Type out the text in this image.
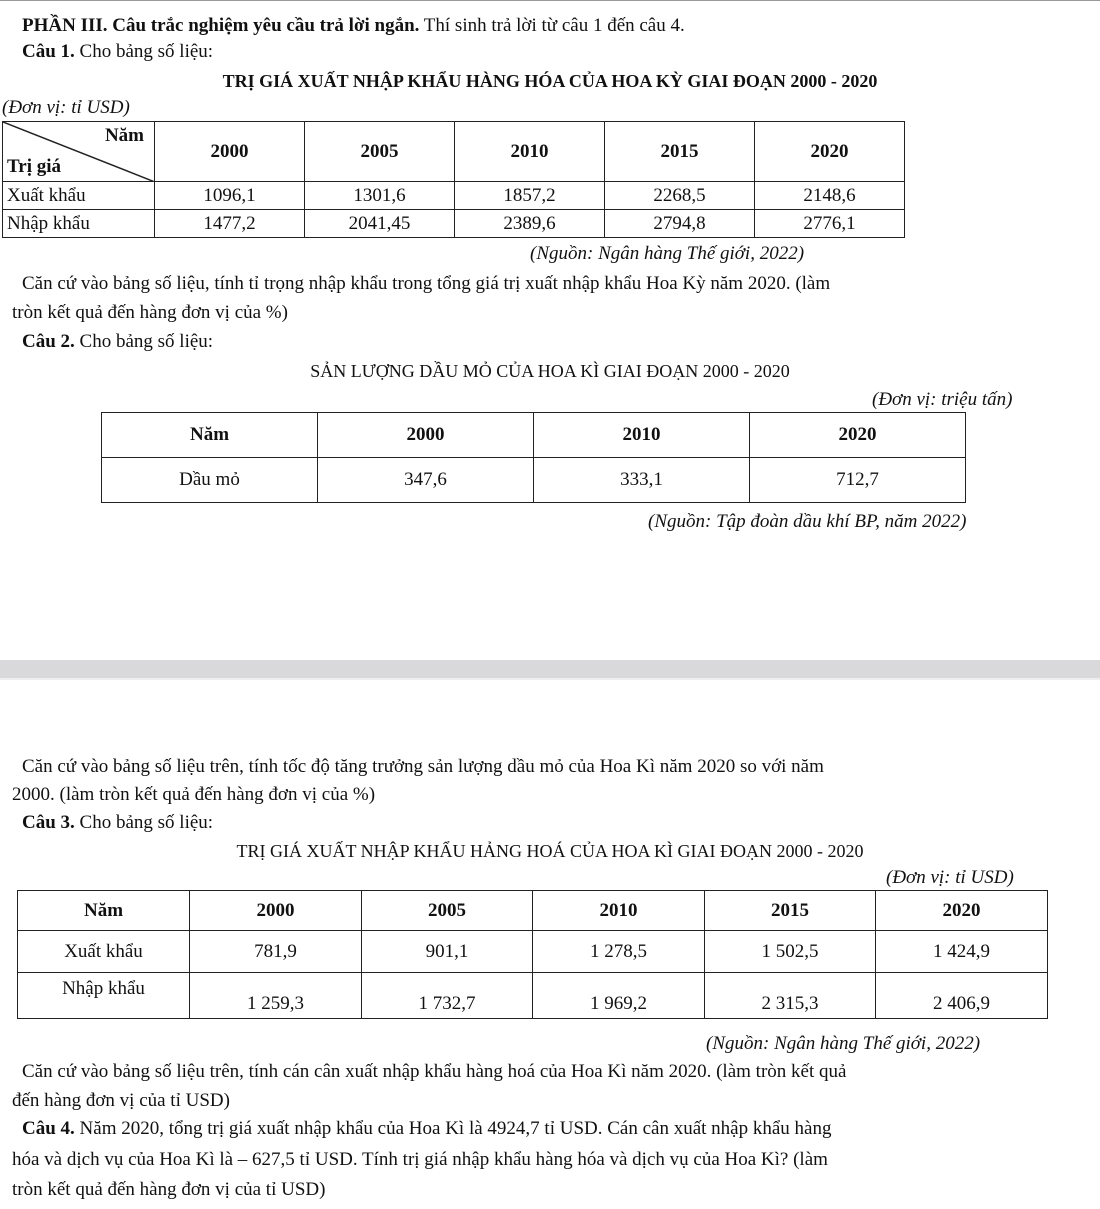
PHẦN III. Câu trắc nghiệm yêu cầu trả lời ngắn. Thí sinh trả lời từ câu 1 đến câu 4.
Câu 1. Cho bảng số liệu:
TRỊ GIÁ XUẤT NHẬP KHẨU HÀNG HÓA CỦA HOA KỲ GIAI ĐOẠN 2000 - 2020
(Đơn vị: tỉ USD)
Năm
Trị giá	2000	2005	2010	2015	2020
Xuất khẩu	1096,1	1301,6	1857,2	2268,5	2148,6
Nhập khẩu	1477,2	2041,45	2389,6	2794,8	2776,1
(Nguồn: Ngân hàng Thế giới, 2022)
Căn cứ vào bảng số liệu, tính tỉ trọng nhập khẩu trong tổng giá trị xuất nhập khẩu Hoa Kỳ năm 2020. (làm
tròn kết quả đến hàng đơn vị của %)
Câu 2. Cho bảng số liệu:
SẢN LƯỢNG DẦU MỎ CỦA HOA KÌ GIAI ĐOẠN 2000 - 2020
(Đơn vị: triệu tấn)
Năm	2000	2010	2020
Dầu mỏ	347,6	333,1	712,7
(Nguồn: Tập đoàn dầu khí BP, năm 2022)
Căn cứ vào bảng số liệu trên, tính tốc độ tăng trưởng sản lượng dầu mỏ của Hoa Kì năm 2020 so với năm
2000. (làm tròn kết quả đến hàng đơn vị của %)
Câu 3. Cho bảng số liệu:
TRỊ GIÁ XUẤT NHẬP KHẨU HẢNG HOÁ CỦA HOA KÌ GIAI ĐOẠN 2000 - 2020
(Đơn vị: tỉ USD)
Năm	2000	2005	2010	2015	2020
Xuất khẩu	781,9	901,1	1 278,5	1 502,5	1 424,9
Nhập khẩu	1 259,3	1 732,7	1 969,2	2 315,3	2 406,9
(Nguồn: Ngân hàng Thế giới, 2022)
Căn cứ vào bảng số liệu trên, tính cán cân xuất nhập khẩu hàng hoá của Hoa Kì năm 2020. (làm tròn kết quả
đến hàng đơn vị của tỉ USD)
Câu 4. Năm 2020, tổng trị giá xuất nhập khẩu của Hoa Kì là 4924,7 tỉ USD. Cán cân xuất nhập khẩu hàng
hóa và dịch vụ của Hoa Kì là – 627,5 tỉ USD. Tính trị giá nhập khẩu hàng hóa và dịch vụ của Hoa Kì? (làm
tròn kết quả đến hàng đơn vị của tỉ USD)
